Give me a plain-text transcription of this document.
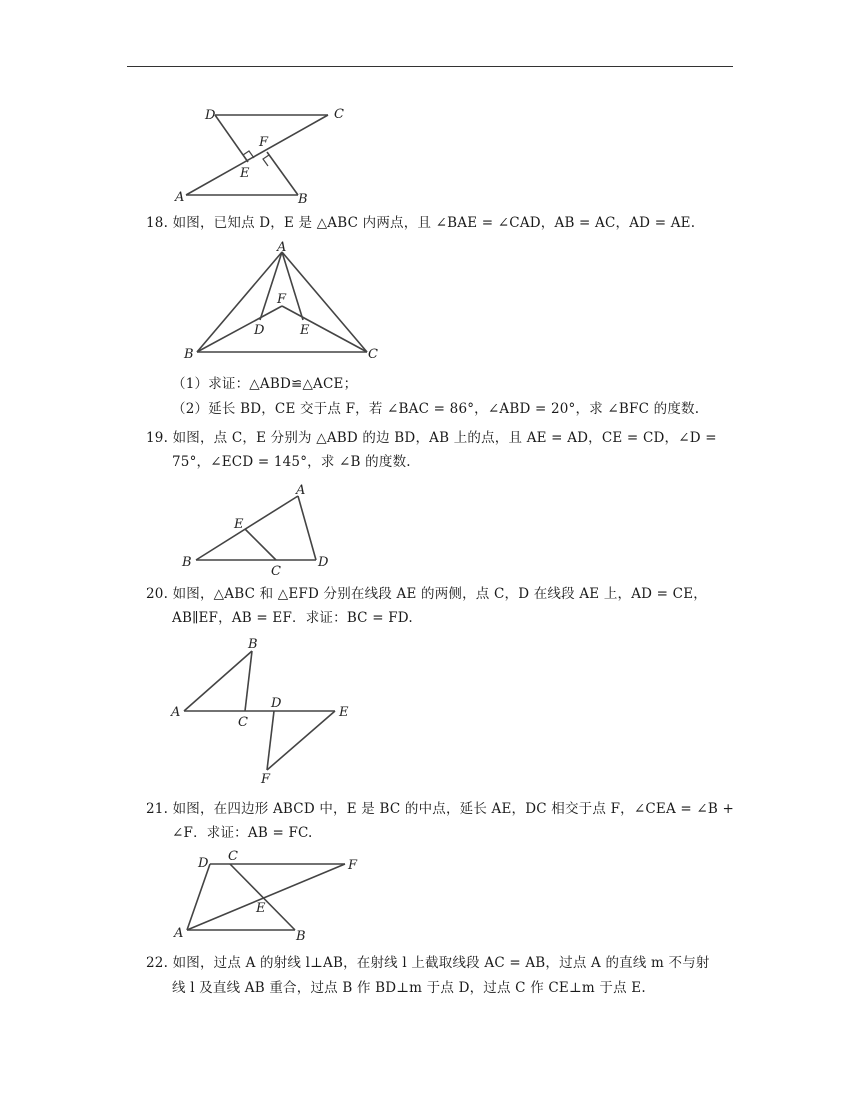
D	C
F
E
A	B
18. 如图，已知点 D，E 是 △ABC 内两点，且 ∠BAE = ∠CAD，AB = AC，AD = AE.
A
F
D	E
B	C
（1）求证：△ABD≌△ACE；
（2）延长 BD，CE 交于点 F，若 ∠BAC = 86°，∠ABD = 20°，求 ∠BFC 的度数.
19. 如图，点 C，E 分别为 △ABD 的边 BD，AB 上的点，且 AE = AD，CE = CD，∠D =
75°，∠ECD = 145°，求 ∠B 的度数.
A
E
B
C
D
20. 如图，△ABC 和 △EFD 分别在线段 AE 的两侧，点 C，D 在线段 AE 上，AD = CE，
AB∥EF，AB = EF．求证：BC = FD.
B
D
A	E
C
F
21. 如图，在四边形 ABCD 中，E 是 BC 的中点，延长 AE，DC 相交于点 F，∠CEA = ∠B +
∠F．求证：AB = FC.
D C
F
E
A	B
22. 如图，过点 A 的射线 l⊥AB，在射线 l 上截取线段 AC = AB，过点 A 的直线 m 不与射
线 l 及直线 AB 重合，过点 B 作 BD⊥m 于点 D，过点 C 作 CE⊥m 于点 E.
